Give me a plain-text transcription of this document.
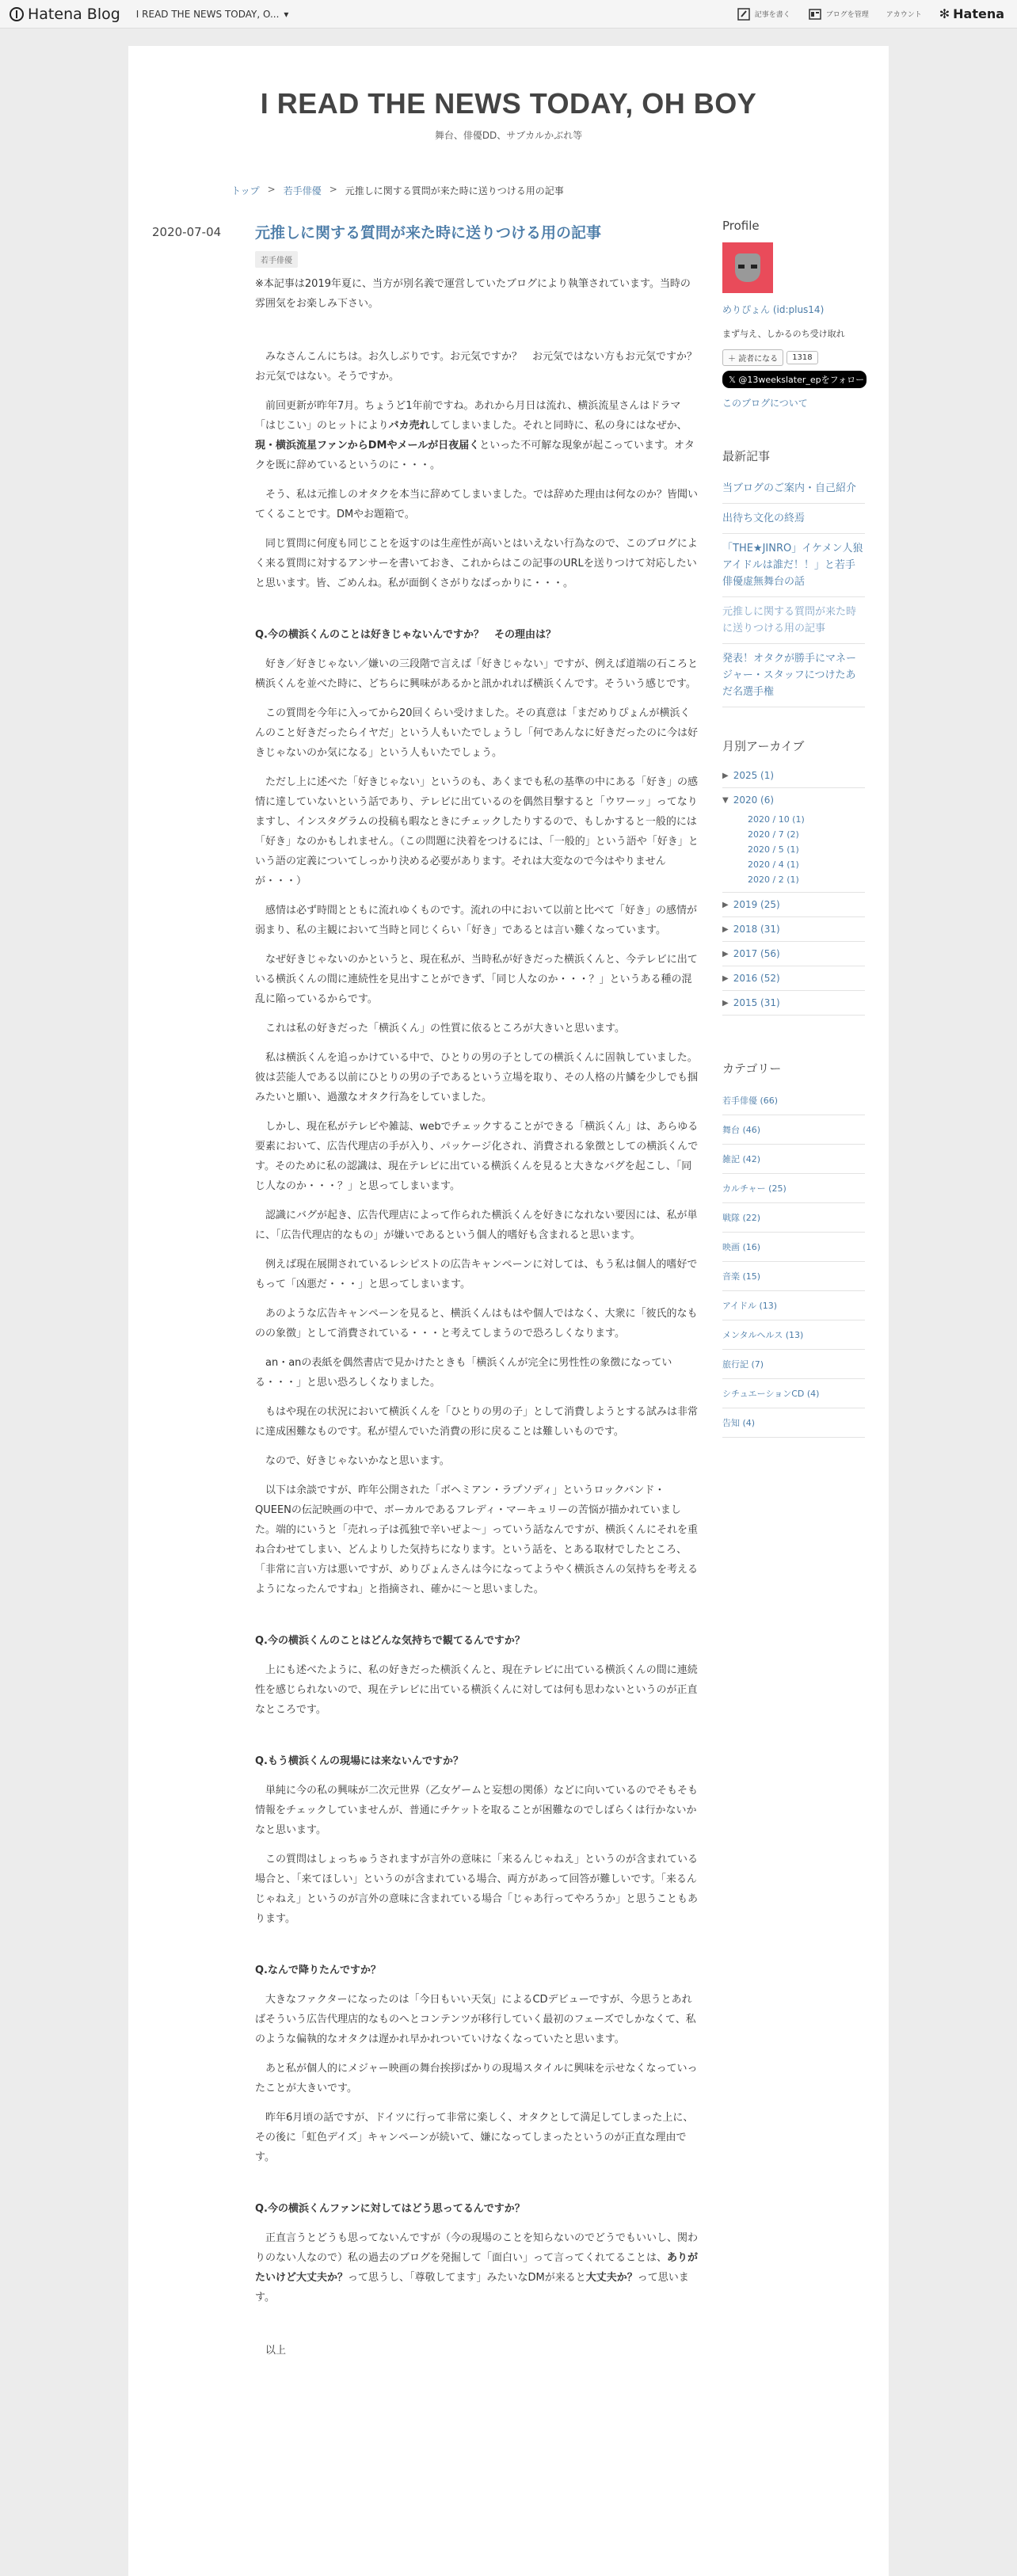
Hatena Blog I READ THE NEWS TODAY, O... ▾	記事を書く	ブログを管理 アカウント ✻ Hatena
I READ THE NEWS TODAY, OH BOY
舞台、俳優DD、サブカルかぶれ等
トップ > 若手俳優 > 元推しに関する質問が来た時に送りつける用の記事
2020-07-04 元推しに関する質問が来た時に送りつける用の記事
若手俳優

※本記事は2019年夏に、当方が別名義で運営していたブログにより執筆されています。当時の雰囲気をお楽しみ下さい。

みなさんこんにちは。お久しぶりです。お元気ですか？　お元気ではない方もお元気ですか？　お元気ではない。そうですか。

前回更新が昨年7月。ちょうど1年前ですね。あれから月日は流れ、横浜流星さんはドラマ「はじこい」のヒットによりバカ売れしてしまいました。それと同時に、私の身にはなぜか、現・横浜流星ファンからDMやメールが日夜届くといった不可解な現象が起こっています。オタクを既に辞めているというのに・・・。

そう、私は元推しのオタクを本当に辞めてしまいました。では辞めた理由は何なのか？皆聞いてくることです。DMやお題箱で。

同じ質問に何度も同じことを返すのは生産性が高いとはいえない行為なので、このブログによく来る質問に対するアンサーを書いておき、これからはこの記事のURLを送りつけて対応したいと思います。皆、ごめんね。私が面倒くさがりなばっかりに・・・。

Q.今の横浜くんのことは好きじゃないんですか？　その理由は？

好き／好きじゃない／嫌いの三段階で言えば「好きじゃない」ですが、例えば道端の石ころと横浜くんを並べた時に、どちらに興味があるかと訊かれれば横浜くんです。そういう感じです。

この質問を今年に入ってから20回くらい受けました。その真意は「まだめりぴょんが横浜くんのこと好きだったらイヤだ」という人もいたでしょうし「何であんなに好きだったのに今は好きじゃないのか気になる」という人もいたでしょう。

ただし上に述べた「好きじゃない」というのも、あくまでも私の基準の中にある「好き」の感情に達していないという話であり、テレビに出ているのを偶然目撃すると「ウワーッ」ってなりますし、インスタグラムの投稿も暇なときにチェックしたりするので、もしかすると一般的には「好き」なのかもしれません。（この問題に決着をつけるには、「一般的」という語や「好き」という語の定義についてしっかり決める必要があります。それは大変なので今はやりませんが・・・）

感情は必ず時間とともに流れゆくものです。流れの中において以前と比べて「好き」の感情が弱まり、私の主観において当時と同じくらい「好き」であるとは言い難くなっています。

なぜ好きじゃないのかというと、現在私が、当時私が好きだった横浜くんと、今テレビに出ている横浜くんの間に連続性を見出すことができず、「同じ人なのか・・・？」というある種の混乱に陥っているからです。

これは私の好きだった「横浜くん」の性質に依るところが大きいと思います。

私は横浜くんを追っかけている中で、ひとりの男の子としての横浜くんに固執していました。彼は芸能人である以前にひとりの男の子であるという立場を取り、その人格の片鱗を少しでも掴みたいと願い、過激なオタク行為をしていました。

しかし、現在私がテレビや雑誌、webでチェックすることができる「横浜くん」は、あらゆる要素において、広告代理店の手が入り、パッケージ化され、消費される象徴としての横浜くんです。そのために私の認識は、現在テレビに出ている横浜くんを見ると大きなバグを起こし、「同じ人なのか・・・？」と思ってしまいます。

認識にバグが起き、広告代理店によって作られた横浜くんを好きになれない要因には、私が単に、「広告代理店的なもの」が嫌いであるという個人的嗜好も含まれると思います。

例えば現在展開されているレシピストの広告キャンペーンに対しては、もう私は個人的嗜好でもって「凶悪だ・・・」と思ってしまいます。

あのような広告キャンペーンを見ると、横浜くんはもはや個人ではなく、大衆に「彼氏的なものの象徴」として消費されている・・・と考えてしまうので恐ろしくなります。

an・anの表紙を偶然書店で見かけたときも「横浜くんが完全に男性性の象徴になっている・・・」と思い恐ろしくなりました。

もはや現在の状況において横浜くんを「ひとりの男の子」として消費しようとする試みは非常に達成困難なものです。私が望んでいた消費の形に戻ることは難しいものです。

なので、好きじゃないかなと思います。

以下は余談ですが、昨年公開された「ボヘミアン・ラプソディ」というロックバンド・QUEENの伝記映画の中で、ボーカルであるフレディ・マーキュリーの苦悩が描かれていました。端的にいうと「売れっ子は孤独で辛いぜよ〜」っていう話なんですが、横浜くんにそれを重ね合わせてしまい、どんよりした気持ちになります。という話を、とある取材でしたところ、「非常に言い方は悪いですが、めりぴょんさんは今になってようやく横浜さんの気持ちを考えるようになったんですね」と指摘され、確かに〜と思いました。

Q.今の横浜くんのことはどんな気持ちで観てるんですか？

上にも述べたように、私の好きだった横浜くんと、現在テレビに出ている横浜くんの間に連続性を感じられないので、現在テレビに出ている横浜くんに対しては何も思わないというのが正直なところです。

Q.もう横浜くんの現場には来ないんですか？

単純に今の私の興味が二次元世界（乙女ゲームと妄想の関係）などに向いているのでそもそも情報をチェックしていませんが、普通にチケットを取ることが困難なのでしばらくは行かないかなと思います。

この質問はしょっちゅうされますが言外の意味に「来るんじゃねえ」というのが含まれている場合と、「来てほしい」というのが含まれている場合、両方があって回答が難しいです。「来るんじゃねえ」というのが言外の意味に含まれている場合「じゃあ行ってやろうか」と思うこともあります。

Q.なんで降りたんですか？

大きなファクターになったのは「今日もいい天気」によるCDデビューですが、今思うとあればそういう広告代理店的なものへとコンテンツが移行していく最初のフェーズでしかなくて、私のような偏執的なオタクは遅かれ早かれついていけなくなっていたと思います。

あと私が個人的にメジャー映画の舞台挨拶ばかりの現場スタイルに興味を示せなくなっていったことが大きいです。

昨年6月頃の話ですが、ドイツに行って非常に楽しく、オタクとして満足してしまった上に、その後に「虹色デイズ」キャンペーンが続いて、嫌になってしまったというのが正直な理由です。

Q.今の横浜くんファンに対してはどう思ってるんですか？

正直言うとどうも思ってないんですが（今の現場のことを知らないのでどうでもいいし、関わりのない人なので）私の過去のブログを発掘して「面白い」って言ってくれてることは、ありがたいけど大丈夫か？って思うし、「尊敬してます」みたいなDMが来ると大丈夫か？って思います。

以上

Profile
めりぴょん (id:plus14)
まず与え、しかるのち受け取れ
＋ 読者になる	1318
𝕏 @13weekslater_epをフォロー
このブログについて
最新記事
当ブログのご案内・自己紹介
出待ち文化の終焉
「THE★JINRO」イケメン人狼アイドルは誰だ！！」と若手俳優虚無舞台の話
元推しに関する質問が来た時に送りつける用の記事
発表！オタクが勝手にマネージャー・スタッフにつけたあだ名選手権
月別アーカイブ
▶ 2025 (1)
▼ 2020 (6)
2020 / 10 (1)
2020 / 7 (2)
2020 / 5 (1)
2020 / 4 (1)
2020 / 2 (1)
▶ 2019 (25)
▶ 2018 (31)
▶ 2017 (56)
▶ 2016 (52)
▶ 2015 (31)
カテゴリー
若手俳優 (66)
舞台 (46)
雑記 (42)
カルチャー (25)
戦隊 (22)
映画 (16)
音楽 (15)
アイドル (13)
メンタルヘルス (13)
旅行記 (7)
シチュエーションCD (4)
告知 (4)
